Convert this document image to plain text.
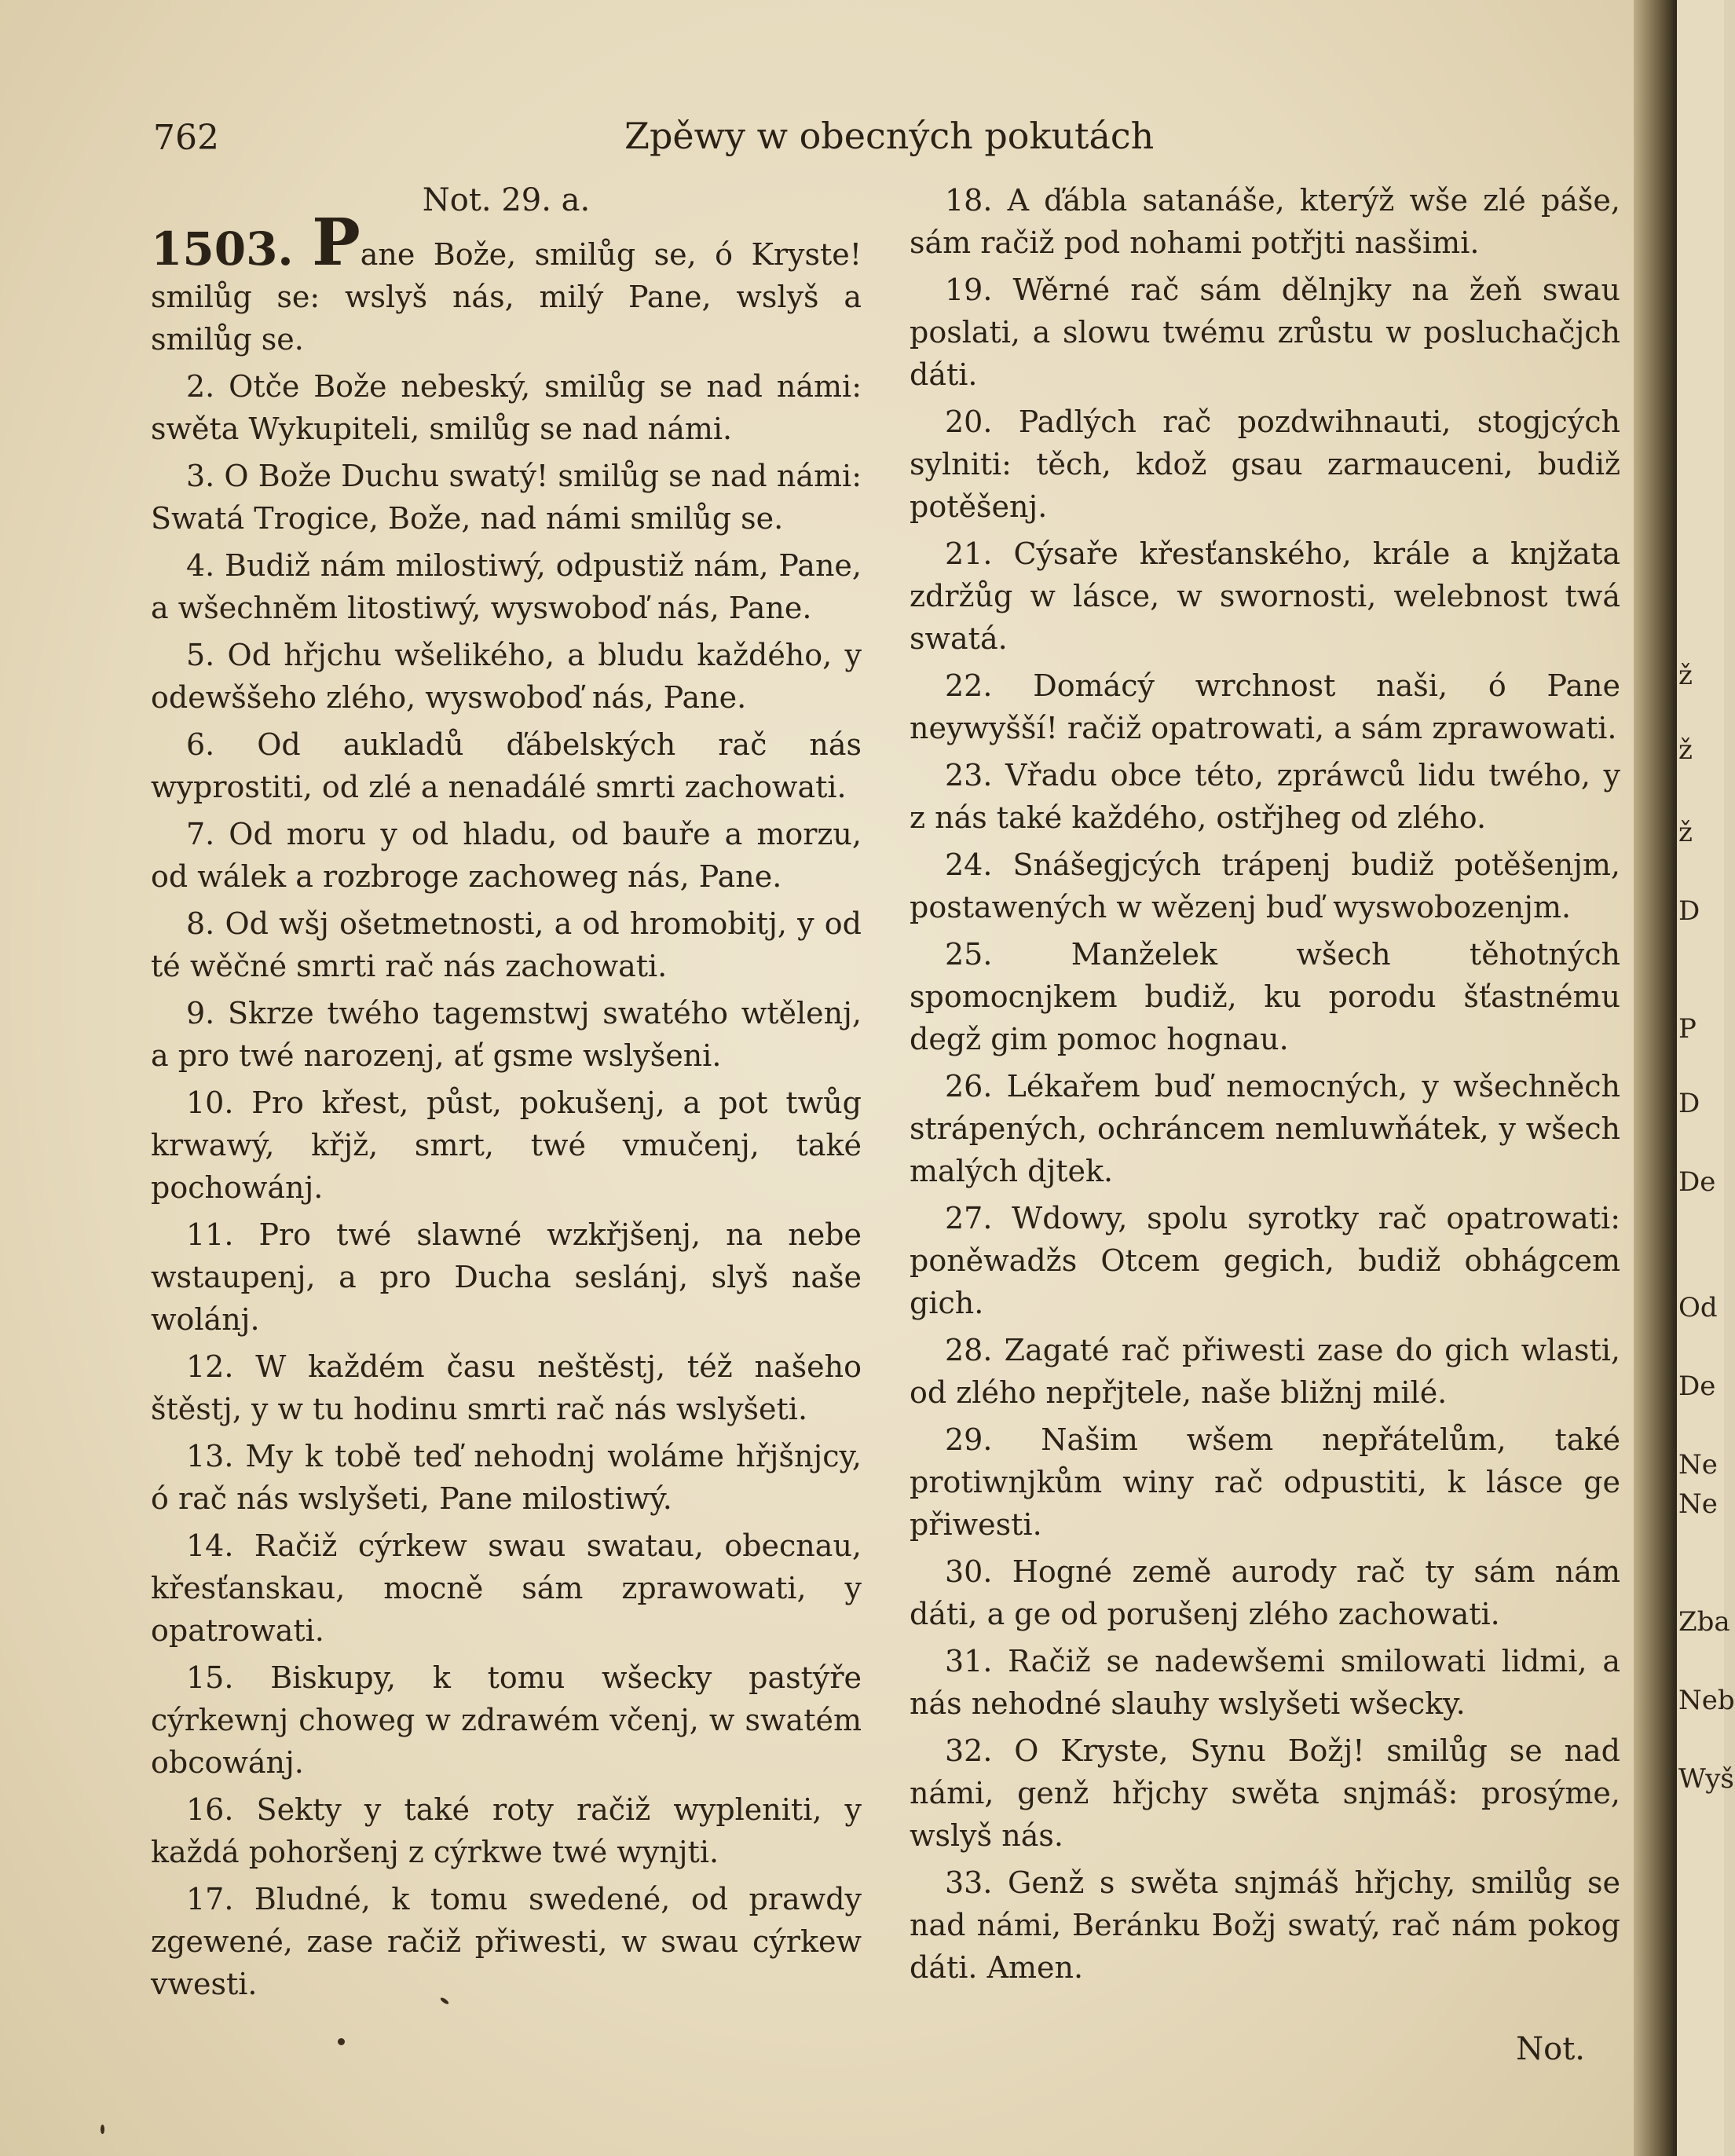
762	Zpěwy w obecných pokutách
Not. 29. a.

1503. Pane Bože, smilůg se, ó Kryste! smilůg se: wslyš nás, milý Pane, wslyš a smilůg se.

2. Otče Bože nebeský, smilůg se nad námi: swěta Wykupiteli, smilůg se nad námi.

3. O Bože Duchu swatý! smilůg se nad námi: Swatá Trogice, Bože, nad námi smilůg se.

4. Budiž nám milostiwý, odpustiž nám, Pane, a wšechněm litostiwý, wyswoboď nás, Pane.

5. Od hřjchu wšelikého, a bludu každého, y odewššeho zlého, wyswoboď nás, Pane.

6. Od aukladů ďábelských rač nás wyprostiti, od zlé a nenadálé smrti zachowati.

7. Od moru y od hladu, od bauře a morzu, od wálek a rozbroge zachoweg nás, Pane.

8. Od wšj ošetmetnosti, a od hromobitj, y od té wěčné smrti rač nás zachowati.

9. Skrze twého tagemstwj swatého wtělenj, a pro twé narozenj, ať gsme wslyšeni.

10. Pro křest, půst, pokušenj, a pot twůg krwawý, křjž, smrt, twé vmučenj, také pochowánj.

11. Pro twé slawné wzkřjšenj, na nebe wstaupenj, a pro Ducha seslánj, slyš naše wolánj.

12. W každém času neštěstj, též našeho štěstj, y w tu hodinu smrti rač nás wslyšeti.

13. My k tobě teď nehodnj woláme hřjšnjcy, ó rač nás wslyšeti, Pane milostiwý.

14. Račiž cýrkew swau swatau, obecnau, křesťanskau, mocně sám zprawowati, y opatrowati.

15. Biskupy, k tomu wšecky pastýře cýrkewnj choweg w zdrawém včenj, w swatém obcowánj.

16. Sekty y také roty račiž wypleniti, y každá pohoršenj z cýrkwe twé wynjti.

17. Bludné, k tomu swedené, od prawdy zgewené, zase račiž přiwesti, w swau cýrkew vwesti.

18. A ďábla satanáše, kterýž wše zlé páše, sám račiž pod nohami potřjti nasšimi.

19. Wěrné rač sám dělnjky na žeň swau poslati, a slowu twému zrůstu w posluchačjch dáti.

20. Padlých rač pozdwihnauti, stogjcých sylniti: těch, kdož gsau zarmauceni, budiž potěšenj.

21. Cýsaře křesťanského, krále a knjžata zdržůg w lásce, w swornosti, welebnost twá swatá.

22. Domácý wrchnost naši, ó Pane neywyšší! račiž opatrowati, a sám zprawowati.

23. Vřadu obce této, zpráwců lidu twého, y z nás také každého, ostřjheg od zlého.

24. Snášegjcých trápenj budiž potěšenjm, postawených w wězenj buď wyswobozenjm.

25. Manželek wšech těhotných spomocnjkem budiž, ku porodu šťastnému degž gim pomoc hognau.

26. Lékařem buď nemocných, y wšechněch strápených, ochráncem nemluwňátek, y wšech malých djtek.

27. Wdowy, spolu syrotky rač opatrowati: poněwadžs Otcem gegich, budiž obhágcem gich.

28. Zagaté rač přiwesti zase do gich wlasti, od zlého nepřjtele, naše bližnj milé.

29. Našim wšem nepřátelům, také protiwnjkům winy rač odpustiti, k lásce ge přiwesti.

30. Hogné země aurody rač ty sám nám dáti, a ge od porušenj zlého zachowati.

31. Račiž se nadewšemi smilowati lidmi, a nás nehodné slauhy wslyšeti wšecky.

32. O Kryste, Synu Božj! smilůg se nad námi, genž hřjchy swěta snjmáš: prosýme, wslyš nás.

33. Genž s swěta snjmáš hřjchy, smilůg se nad námi, Beránku Božj swatý, rač nám pokog dáti. Amen.

Not.
ž
ž
ž
D
P
D
De
Od
De
Ne
Ne
Zba
Neb
Wyš
